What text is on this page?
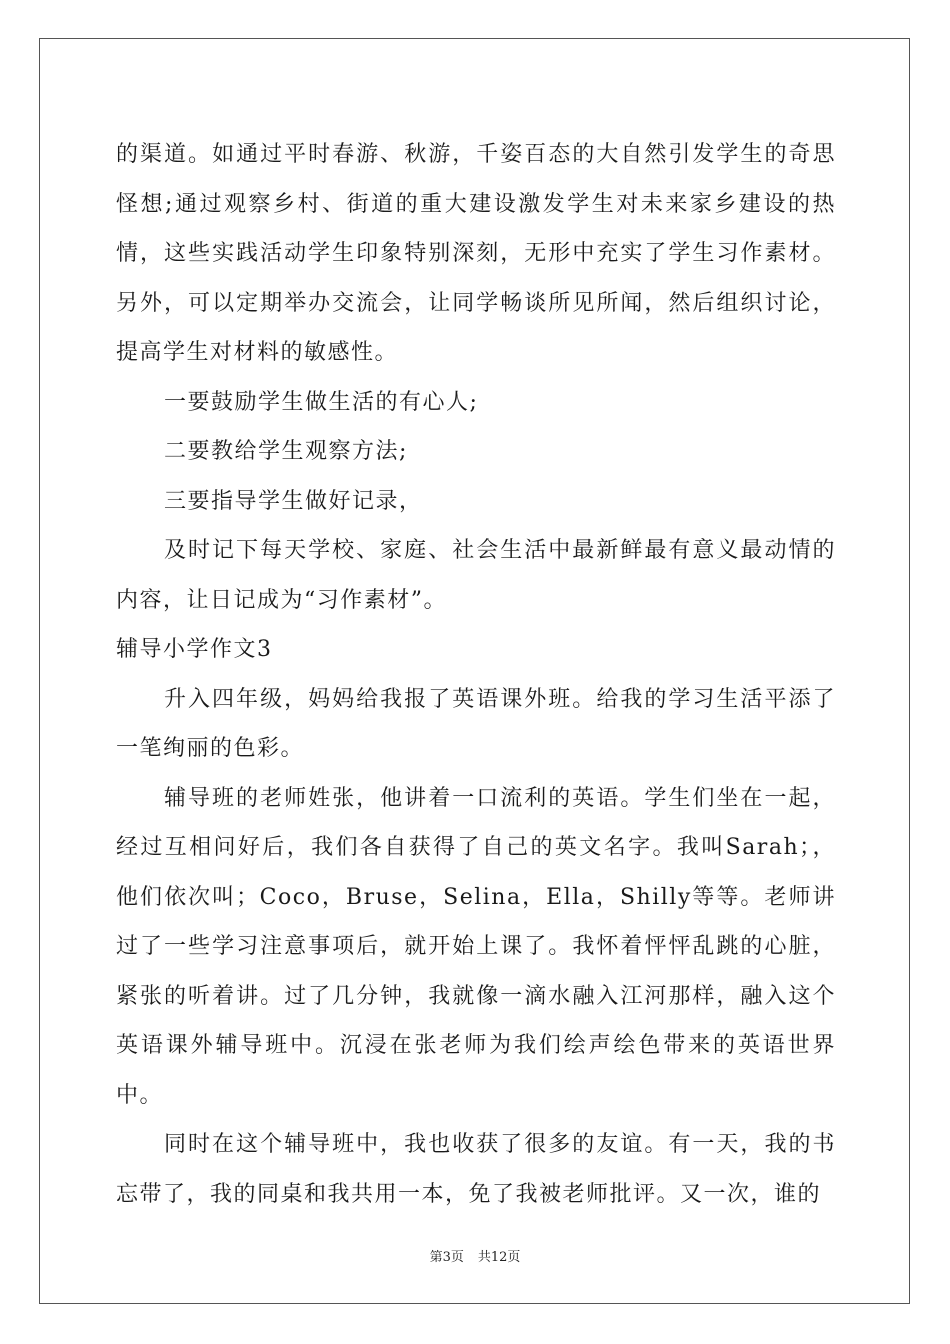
的渠道。如通过平时春游、秋游，千姿百态的大自然引发学生的奇思怪想;通过观察乡村、街道的重大建设激发学生对未来家乡建设的热情，这些实践活动学生印象特别深刻，无形中充实了学生习作素材。另外，可以定期举办交流会，让同学畅谈所见所闻，然后组织讨论，提高学生对材料的敏感性。

一要鼓励学生做生活的有心人;

二要教给学生观察方法;

三要指导学生做好记录，

及时记下每天学校、家庭、社会生活中最新鲜最有意义最动情的内容，让日记成为“习作素材”。

辅导小学作文3

升入四年级，妈妈给我报了英语课外班。给我的学习生活平添了一笔绚丽的色彩。

辅导班的老师姓张，他讲着一口流利的英语。学生们坐在一起，经过互相问好后，我们各自获得了自己的英文名字。我叫Sarah；，他们依次叫；Coco，Bruse，Selina，Ella，Shilly等等。老师讲过了一些学习注意事项后，就开始上课了。我怀着怦怦乱跳的心脏，紧张的听着讲。过了几分钟，我就像一滴水融入江河那样，融入这个英语课外辅导班中。沉浸在张老师为我们绘声绘色带来的英语世界中。

同时在这个辅导班中，我也收获了很多的友谊。有一天，我的书忘带了，我的同桌和我共用一本，免了我被老师批评。又一次，谁的

第3页 共12页
